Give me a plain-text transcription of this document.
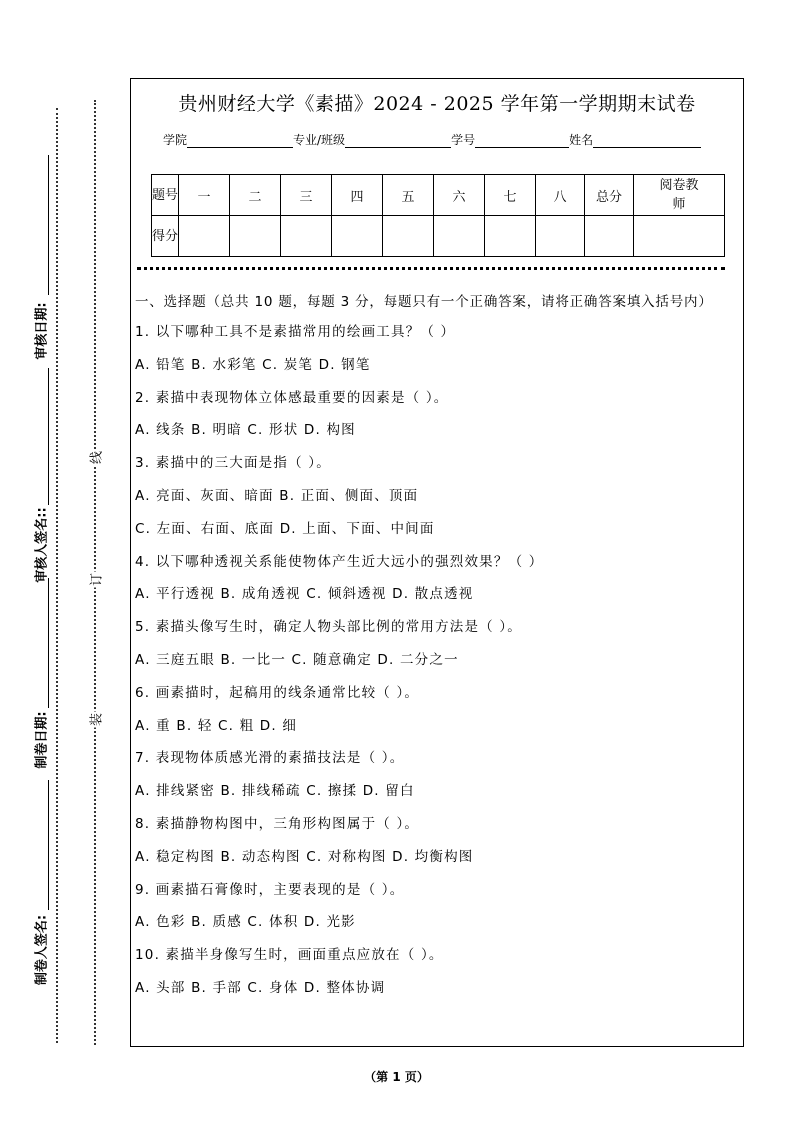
审核日期:
审核人签名::
制卷日期:
制卷人签名:
线
订
装
贵州财经大学《素描》2024 - 2025 学年第一学期期末试卷
学院	专业/班级	学号	姓名
题号	一	二	三	四	五	六	七	八	总分	阅卷教师
得分										
一、选择题（总共 10 题，每题 3 分，每题只有一个正确答案，请将正确答案填入括号内）
1. 以下哪种工具不是素描常用的绘画工具？（ ）
A. 铅笔 B. 水彩笔 C. 炭笔 D. 钢笔
2. 素描中表现物体立体感最重要的因素是（ ）。
A. 线条 B. 明暗 C. 形状 D. 构图
3. 素描中的三大面是指（ ）。
A. 亮面、灰面、暗面 B. 正面、侧面、顶面
C. 左面、右面、底面 D. 上面、下面、中间面
4. 以下哪种透视关系能使物体产生近大远小的强烈效果？（ ）
A. 平行透视 B. 成角透视 C. 倾斜透视 D. 散点透视
5. 素描头像写生时，确定人物头部比例的常用方法是（ ）。
A. 三庭五眼 B. 一比一 C. 随意确定 D. 二分之一
6. 画素描时，起稿用的线条通常比较（ ）。
A. 重 B. 轻 C. 粗 D. 细
7. 表现物体质感光滑的素描技法是（ ）。
A. 排线紧密 B. 排线稀疏 C. 擦揉 D. 留白
8. 素描静物构图中，三角形构图属于（ ）。
A. 稳定构图 B. 动态构图 C. 对称构图 D. 均衡构图
9. 画素描石膏像时，主要表现的是（ ）。
A. 色彩 B. 质感 C. 体积 D. 光影
10. 素描半身像写生时，画面重点应放在（ ）。
A. 头部 B. 手部 C. 身体 D. 整体协调
（第 1 页）
